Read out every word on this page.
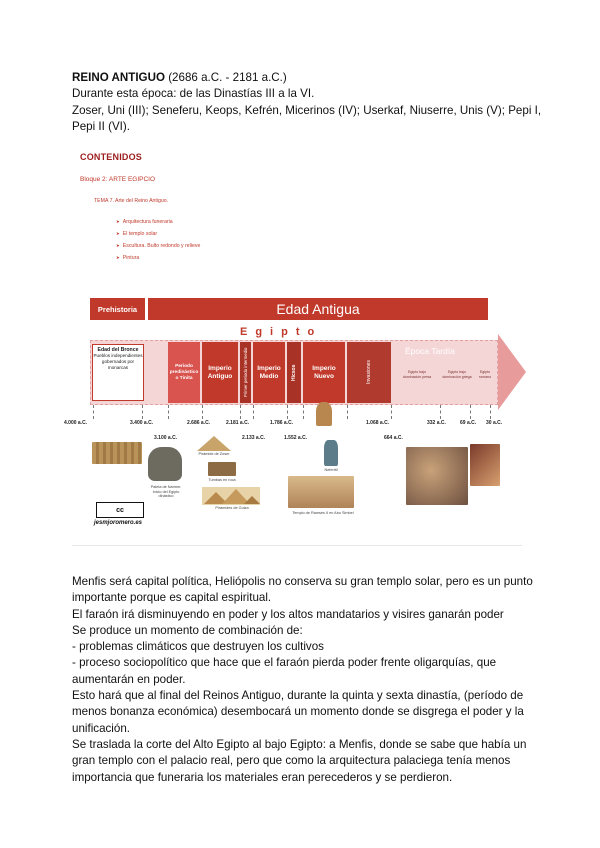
REINO ANTIGUO (2686 a.C. - 2181 a.C.)
Durante esta época: de las Dinastías III a la VI.
Zoser, Uni (III); Seneferu, Keops, Kefrén, Micerinos (IV); Userkaf, Niuserre, Unis (V); Pepi I, Pepi II (VI).
CONTENIDOS
Bloque 2: ARTE EGIPCIO
TEMA 7. Arte del Reino Antiguo.
➤ Arquitectura funeraria
➤ El templo solar
➤ Escultura. Bulto redondo y relieve
➤ Pintura
Prehistoria	Edad Antigua
Egipto
Edad del Bronce
Pueblos independientes gobernados por monarcas	Periodo predinástico o Tinita
Imperio Antiguo	Primer periodo intermedio	Imperio Medio	Hicsos	Imperio Nuevo	Invasiones
Época Tardía
Egipto bajo dominación persa
Egipto bajo dominación griega
Egipto romano
4.000 a.C.	3.400 a.C.
3.100 a.C.
2.686 a.C.	2.181 a.C.
2.133 a.C.
1.786 a.C.
1.552 a.C.
1.068 a.C.
664 a.C.
332 a.C.	69 a.C. 30 a.C.
Paleta de Narmer. Inicio del Egipto dinástico
Pirámide de Zoser
Tumbas en roca
Pirámides de Guiza
Nefertiti
Templo de Ramsés II en Abu Simbel
cc
jesmjoromero.es

Menfis será capital política, Heliópolis no conserva su gran templo solar, pero es un punto importante porque es capital espiritual.

El faraón irá disminuyendo en poder y los altos mandatarios y visires ganarán poder

Se produce un momento de combinación de:

- problemas climáticos que destruyen los cultivos

- proceso sociopolítico que hace que el faraón pierda poder frente oligarquías, que aumentarán en poder.

Esto hará que al final del Reinos Antiguo, durante la quinta y sexta dinastía, (período de menos bonanza económica) desembocará un momento donde se disgrega el poder y la unificación.

Se traslada la corte del Alto Egipto al bajo Egipto: a Menfis, donde se sabe que había un gran templo con el palacio real, pero que como la arquitectura palaciega tenía menos importancia que funeraria los materiales eran perecederos y se perdieron.
